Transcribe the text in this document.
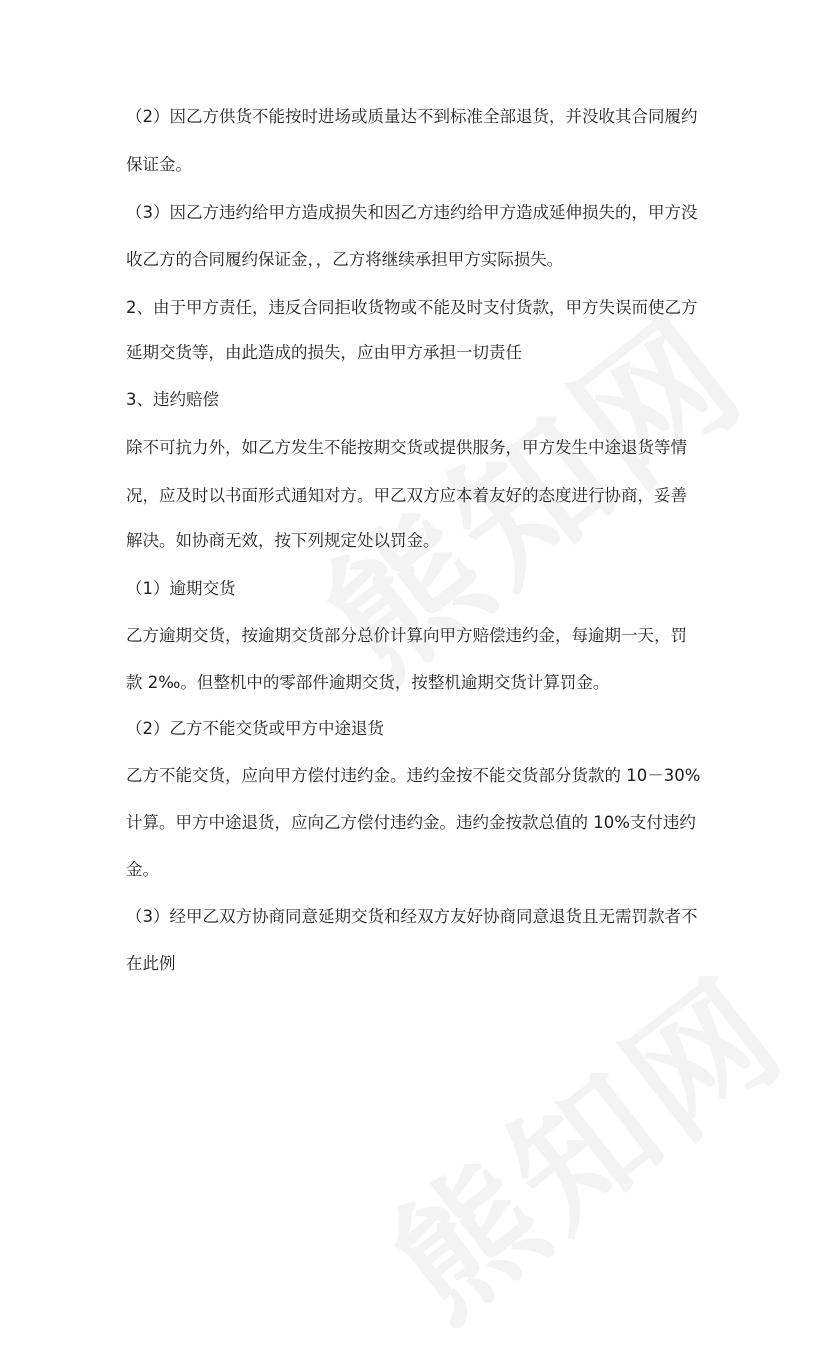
（2）因乙方供货不能按时进场或质量达不到标准全部退货，并没收其合同履约
保证金。
（3）因乙方违约给甲方造成损失和因乙方违约给甲方造成延伸损失的，甲方没
收乙方的合同履约保证金，，乙方将继续承担甲方实际损失。
2、由于甲方责任，违反合同拒收货物或不能及时支付货款，甲方失误而使乙方
延期交货等，由此造成的损失，应由甲方承担一切责任
3、违约赔偿
除不可抗力外，如乙方发生不能按期交货或提供服务，甲方发生中途退货等情
况，应及时以书面形式通知对方。甲乙双方应本着友好的态度进行协商，妥善
解决。如协商无效，按下列规定处以罚金。
（1）逾期交货
乙方逾期交货，按逾期交货部分总价计算向甲方赔偿违约金，每逾期一天，罚
款 2‰。但整机中的零部件逾期交货，按整机逾期交货计算罚金。
（2）乙方不能交货或甲方中途退货
乙方不能交货，应向甲方偿付违约金。违约金按不能交货部分货款的 10－30%
计算。甲方中途退货，应向乙方偿付违约金。违约金按款总值的 10%支付违约
金。
（3）经甲乙双方协商同意延期交货和经双方友好协商同意退货且无需罚款者不
在此例
